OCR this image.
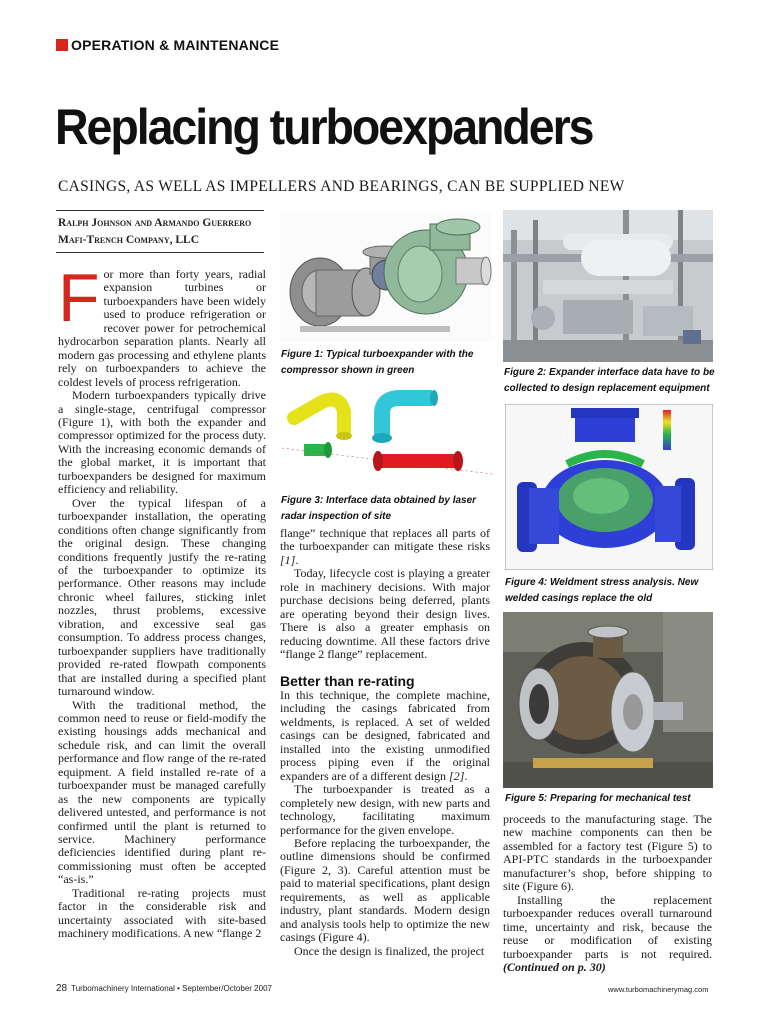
OPERATION & MAINTENANCE
Replacing turboexpanders
CASINGS, AS WELL AS IMPELLERS AND BEARINGS, CAN BE SUPPLIED NEW
Ralph Johnson and Armando Guerrero
Mafi-Trench Company, LLC

For more than forty years, radial expansion turbines or turboexpanders have been widely used to produce refrigeration or recover power for petrochemical hydrocarbon separation plants. Nearly all modern gas processing and ethylene plants rely on turboexpanders to achieve the coldest levels of process refrigeration.

Modern turboexpanders typically drive a single-stage, centrifugal compressor (Figure 1), with both the expander and compressor optimized for the process duty. With the increasing economic demands of the global market, it is important that turboexpanders be designed for maximum efficiency and reliability.

Over the typical lifespan of a turboexpander installation, the operating conditions often change significantly from the original design. These changing conditions frequently justify the re-rating of the turboexpander to optimize its performance. Other reasons may include chronic wheel failures, sticking inlet nozzles, thrust problems, excessive vibration, and excessive seal gas consumption. To address process changes, turboexpander suppliers have traditionally provided re-rated flowpath components that are installed during a specified plant turnaround window.

With the traditional method, the common need to reuse or field-modify the existing housings adds mechanical and schedule risk, and can limit the overall performance and flow range of the re-rated equipment. A field installed re-rate of a turboexpander must be managed carefully as the new components are typically delivered untested, and performance is not confirmed until the plant is returned to service. Machinery performance deficiencies identified during plant re-commissioning must often be accepted “as-is.”

Traditional re-rating projects must factor in the considerable risk and uncertainty associated with site-based machinery modifications. A new “flange 2

Figure 1: Typical turboexpander with the compressor shown in green	Figure 2: Expander interface data have to be collected to design replacement equipment
Figure 3: Interface data obtained by laser radar inspection of site
Figure 4: Weldment stress analysis. New welded casings replace the old

flange” technique that replaces all parts of the turboexpander can mitigate these risks [1].

Today, lifecycle cost is playing a greater role in machinery decisions. With major purchase decisions being deferred, plants are operating beyond their design lives. There is also a greater emphasis on reducing downtime. All these factors drive “flange 2 flange” replacement.

Better than re-rating

In this technique, the complete machine, including the casings fabricated from weldments, is replaced. A set of welded casings can be designed, fabricated and installed into the existing unmodified process piping even if the original expanders are of a different design [2].

The turboexpander is treated as a completely new design, with new parts and technology, facilitating maximum performance for the given envelope.

Before replacing the turboexpander, the outline dimensions should be confirmed (Figure 2, 3). Careful attention must be paid to material specifications, plant design requirements, as well as applicable industry, plant standards. Modern design and analysis tools help to optimize the new casings (Figure 4).

Once the design is finalized, the project

Figure 5: Preparing for mechanical test

proceeds to the manufacturing stage. The new machine components can then be assembled for a factory test (Figure 5) to API-PTC standards in the turboexpander manufacturer’s shop, before shipping to site (Figure 6).

Installing the replacement turboexpander reduces overall turnaround time, uncertainty and risk, because the reuse or modification of existing turboexpander parts is not required. (Continued on p. 30)

28 Turbomachinery International • September/October 2007	www.turbomachinerymag.com
